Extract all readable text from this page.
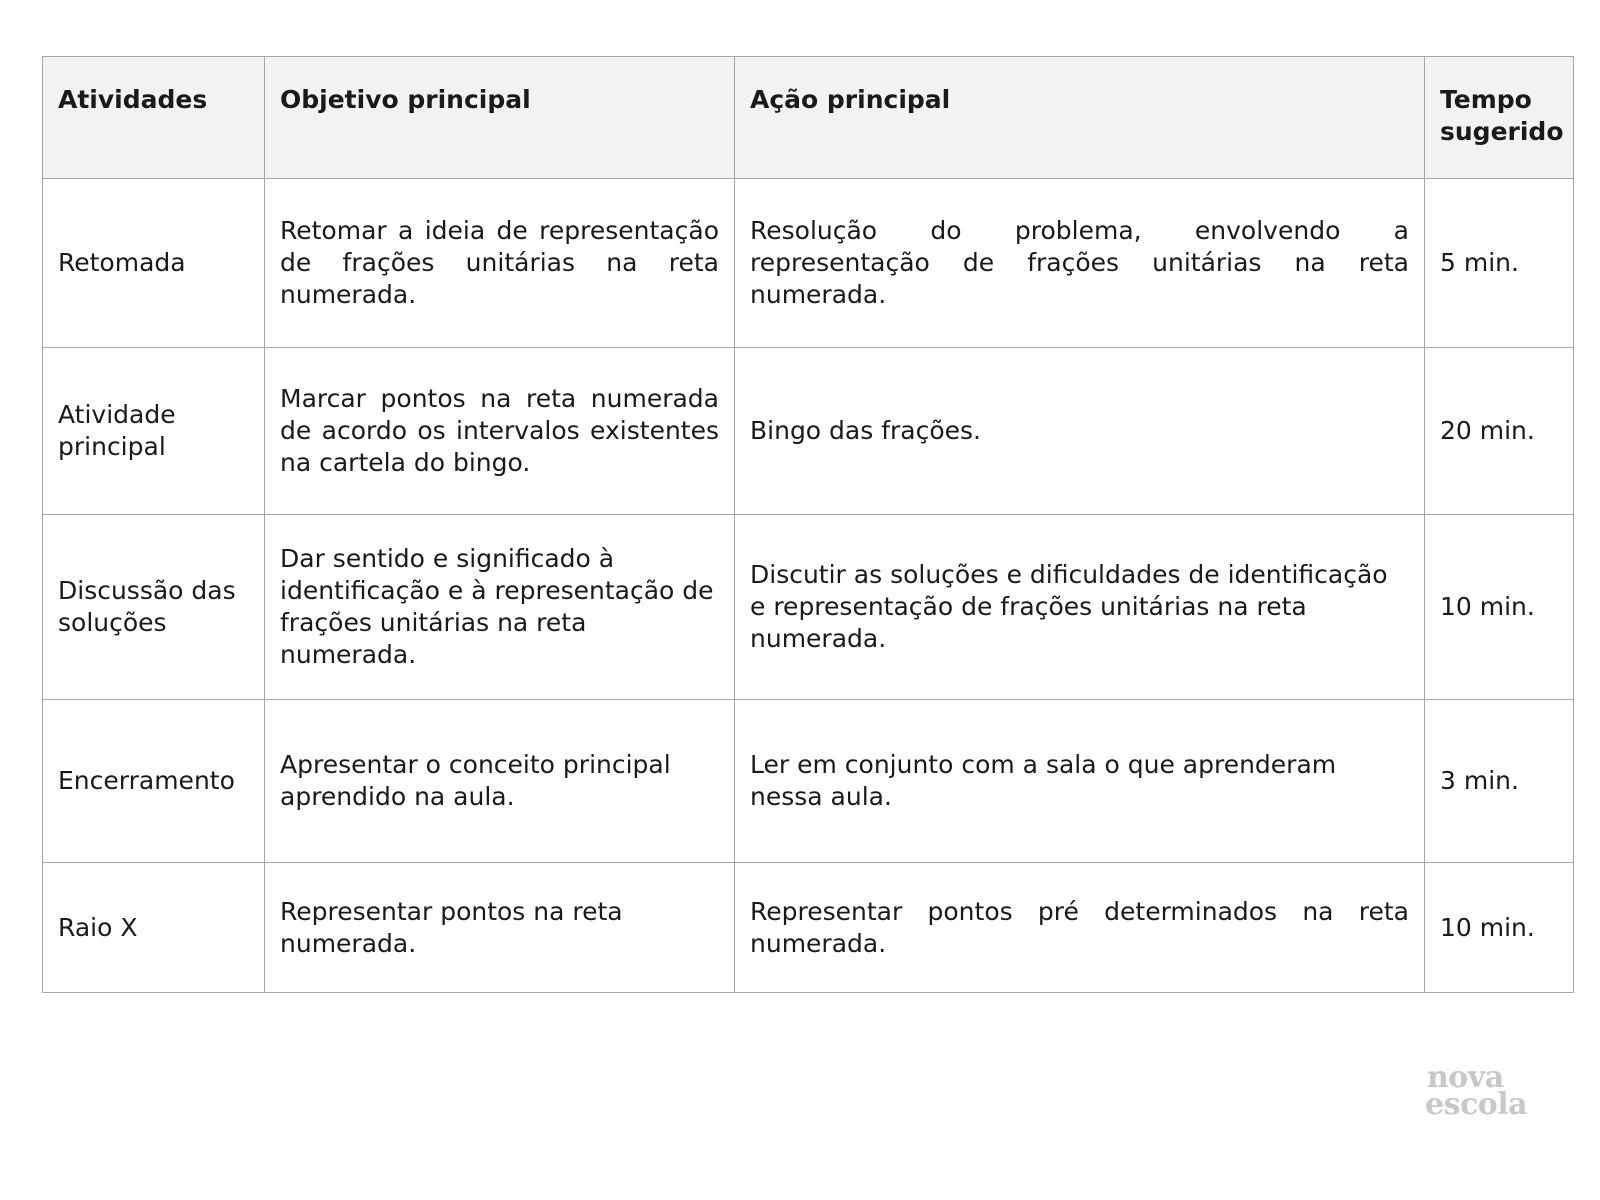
Atividades	Objetivo principal	Ação principal	Tempo sugerido
Retomada	Retomar a ideia de representação de frações unitárias na reta numerada.	Resolução do problema, envolvendo a representação de frações unitárias na reta numerada.	5 min.
Atividade principal	Marcar pontos na reta numerada de acordo os intervalos existentes na cartela do bingo.	Bingo das frações.	20 min.
Discussão das soluções	Dar sentido e significado à identificação e à representação de frações unitárias na reta numerada.	Discutir as soluções e dificuldades de identificação e representação de frações unitárias na reta numerada.	10 min.
Encerramento	Apresentar o conceito principal aprendido na aula.	Ler em conjunto com a sala o que aprenderam nessa aula.	3 min.
Raio X	Representar pontos na reta numerada.	Representar pontos pré determinados na reta numerada.	10 min.
nova
escola
